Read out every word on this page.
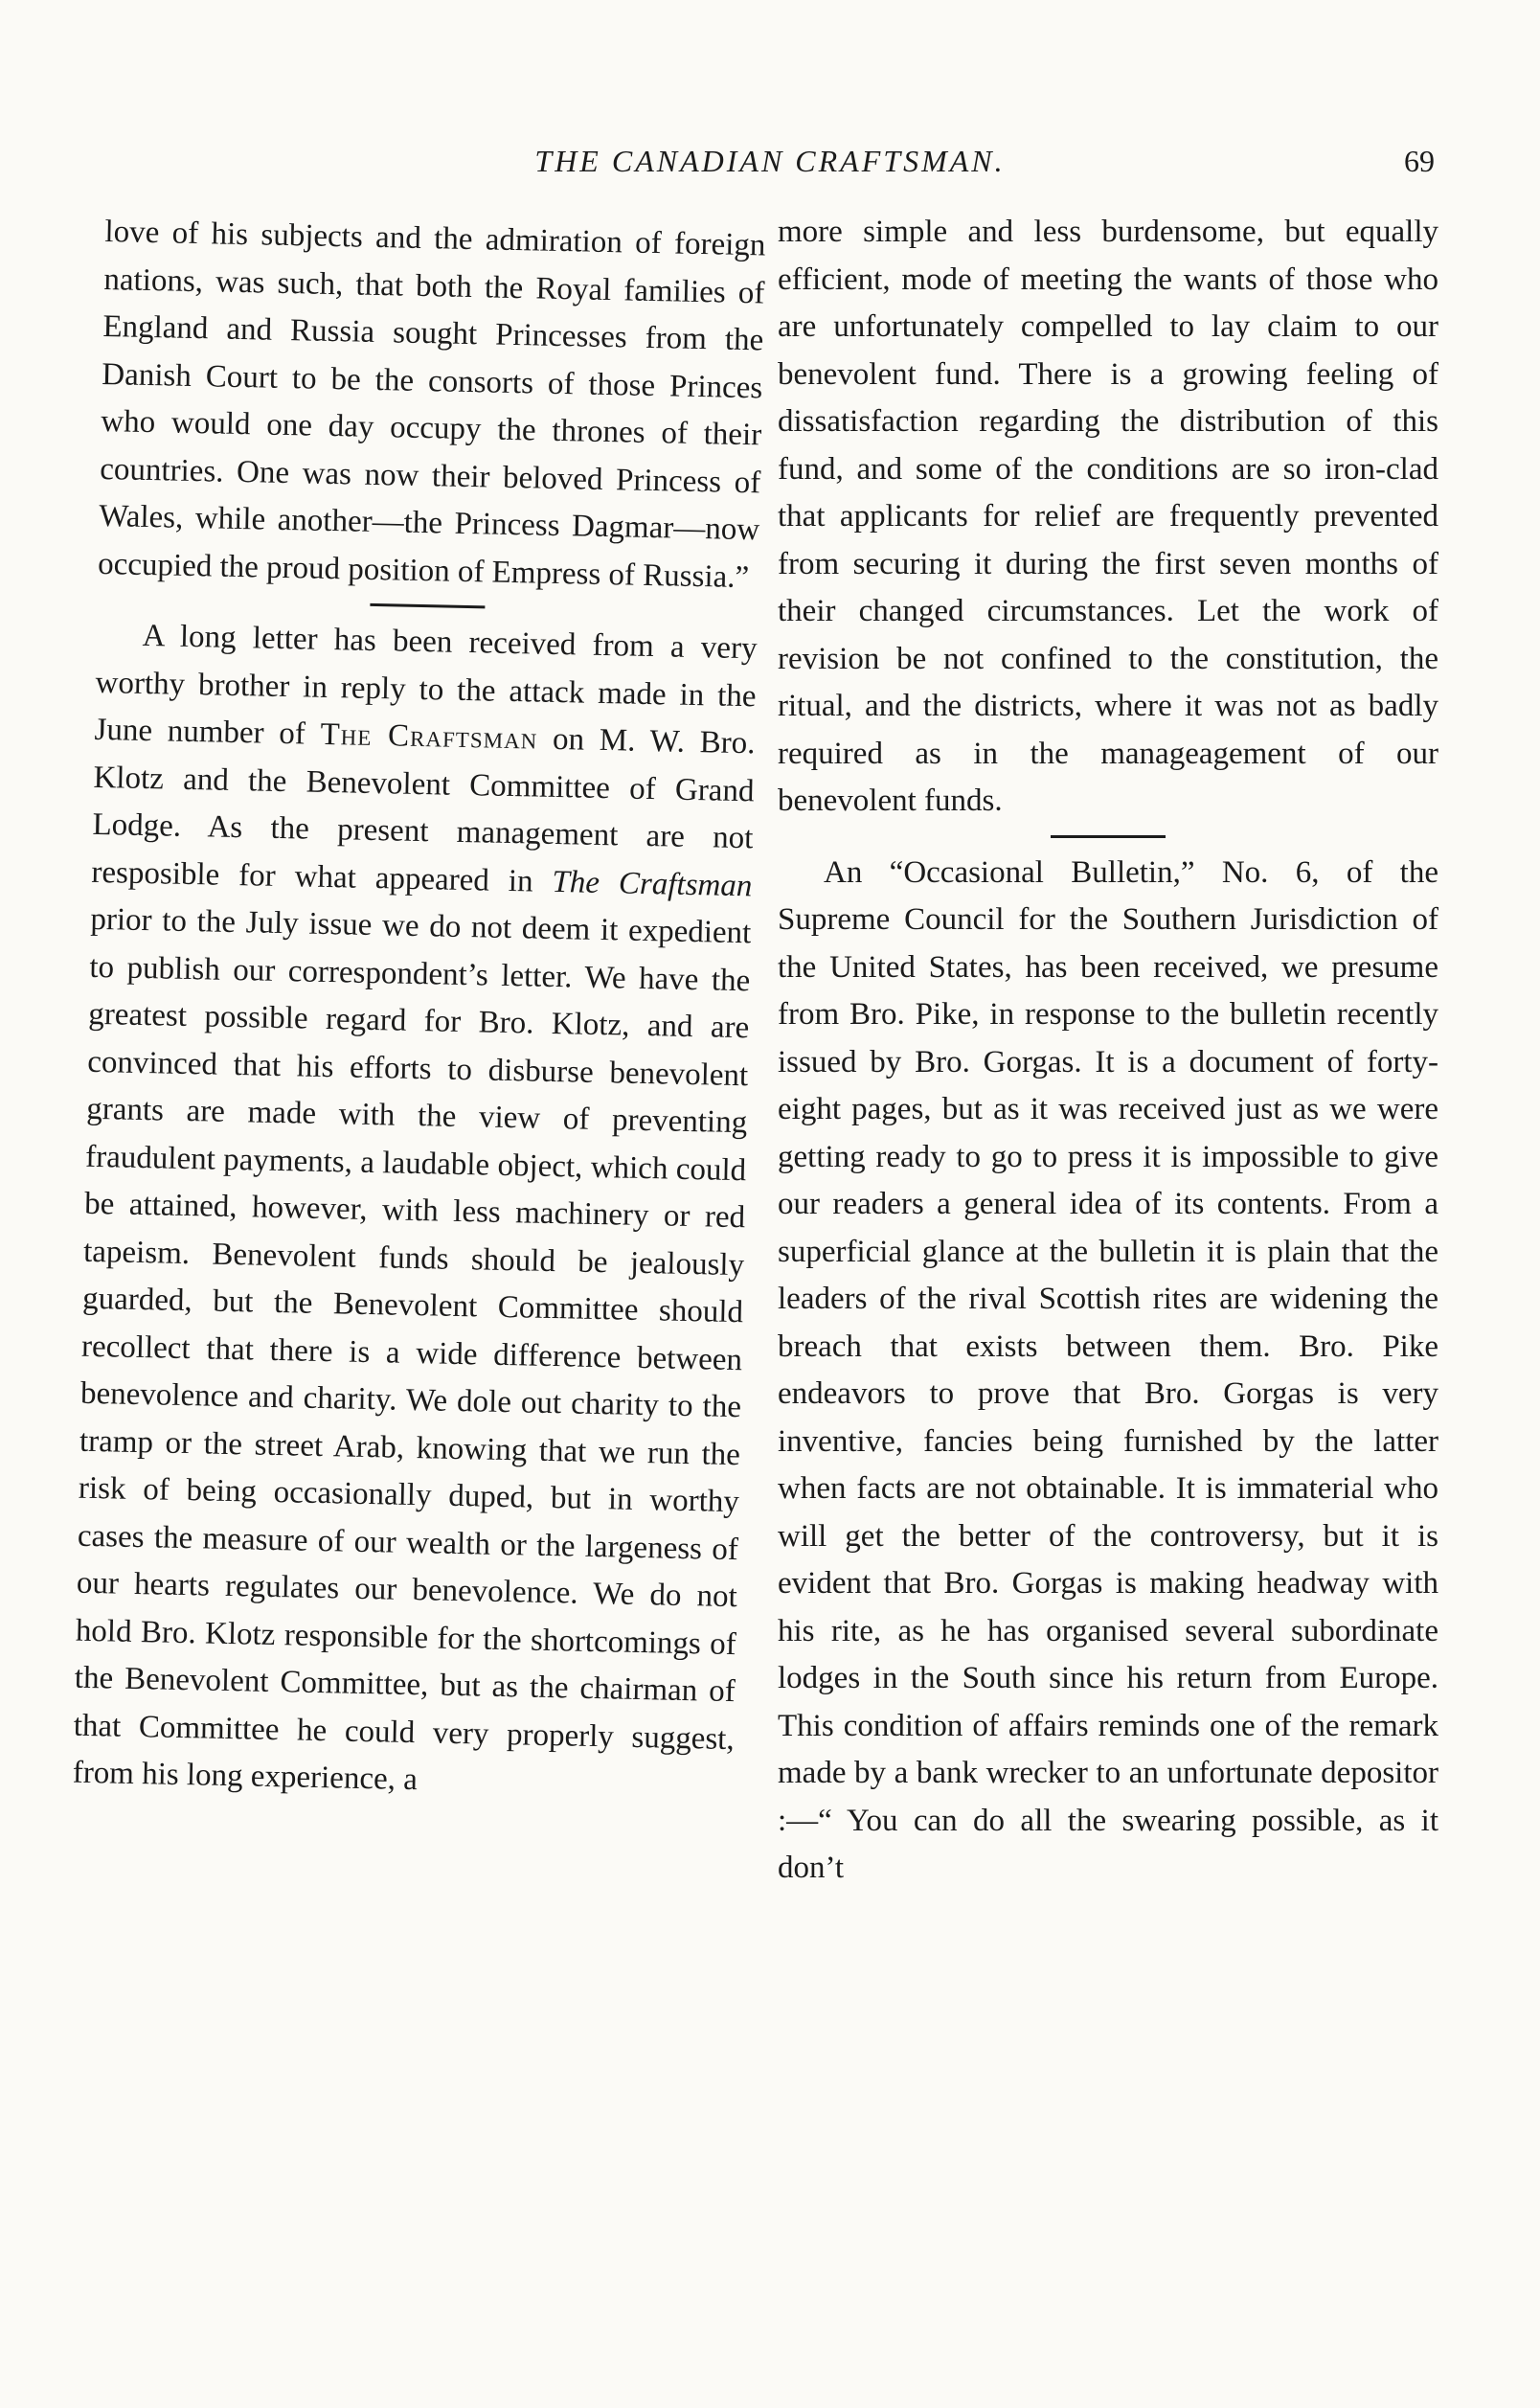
THE CANADIAN CRAFTSMAN.	69

love of his subjects and the admiration of foreign nations, was such, that both the Royal families of England and Russia sought Princesses from the Danish Court to be the consorts of those Princes who would one day occupy the thrones of their countries. One was now their beloved Princess of Wales, while another—the Princess Dagmar—now occupied the proud position of Empress of Russia.”

A long letter has been received from a very worthy brother in reply to the attack made in the June number of The Craftsman on M. W. Bro. Klotz and the Benevolent Committee of Grand Lodge. As the present management are not resposible for what appeared in The Craftsman prior to the July issue we do not deem it expedient to publish our correspondent’s letter. We have the greatest possible regard for Bro. Klotz, and are convinced that his efforts to disburse benevolent grants are made with the view of preventing fraudulent payments, a laudable object, which could be attained, however, with less machinery or red tapeism. Benevolent funds should be jealously guarded, but the Benevolent Committee should recollect that there is a wide difference between benevolence and charity. We dole out charity to the tramp or the street Arab, knowing that we run the risk of being occasionally duped, but in worthy cases the measure of our wealth or the largeness of our hearts regulates our benevolence. We do not hold Bro. Klotz responsible for the shortcomings of the Benevolent Committee, but as the chairman of that Committee he could very properly suggest, from his long experience, a

more simple and less burdensome, but equally efficient, mode of meeting the wants of those who are unfortunately compelled to lay claim to our benevolent fund. There is a growing feeling of dissatisfaction regarding the distribution of this fund, and some of the conditions are so iron-clad that applicants for relief are frequently prevented from securing it during the first seven months of their changed circumstances. Let the work of revision be not confined to the constitution, the ritual, and the districts, where it was not as badly required as in the manageagement of our benevolent funds.

An “Occasional Bulletin,” No. 6, of the Supreme Council for the Southern Jurisdiction of the United States, has been received, we presume from Bro. Pike, in response to the bulletin recently issued by Bro. Gorgas. It is a document of forty-eight pages, but as it was received just as we were getting ready to go to press it is impossible to give our readers a general idea of its contents. From a superficial glance at the bulletin it is plain that the leaders of the rival Scottish rites are widening the breach that exists between them. Bro. Pike endeavors to prove that Bro. Gorgas is very inventive, fancies being furnished by the latter when facts are not obtainable. It is immaterial who will get the better of the controversy, but it is evident that Bro. Gorgas is making headway with his rite, as he has organised several subordinate lodges in the South since his return from Europe. This condition of affairs reminds one of the remark made by a bank wrecker to an unfortunate depositor :—“ You can do all the swearing possible, as it don’t
